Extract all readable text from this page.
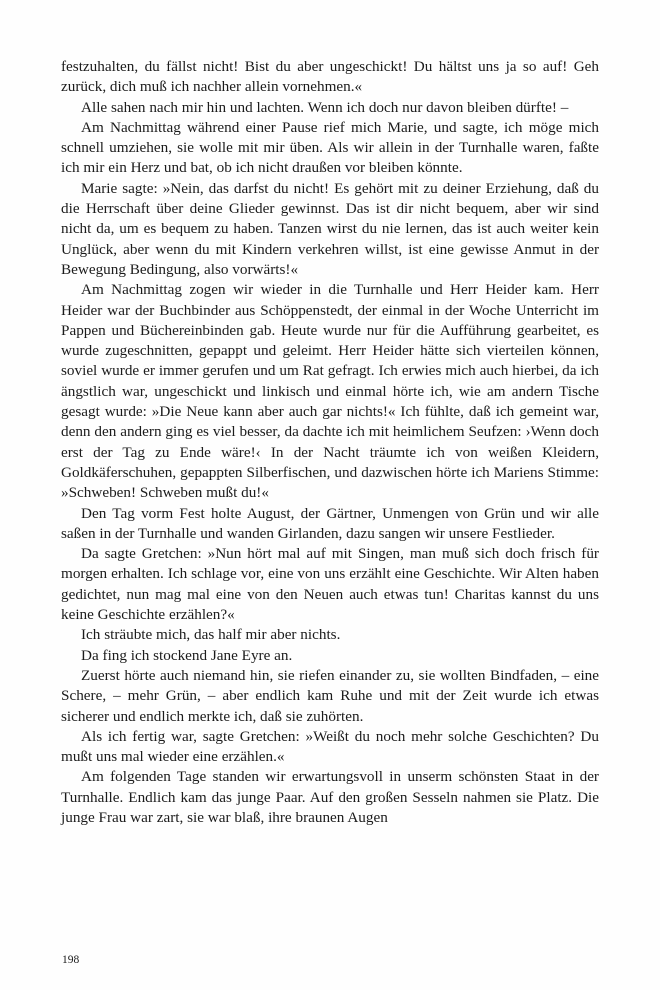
festzuhalten, du fällst nicht! Bist du aber ungeschickt! Du hältst uns ja so auf! Geh zurück, dich muß ich nachher allein vornehmen.«

Alle sahen nach mir hin und lachten. Wenn ich doch nur davon bleiben dürfte! –

Am Nachmittag während einer Pause rief mich Marie, und sagte, ich möge mich schnell umziehen, sie wolle mit mir üben. Als wir allein in der Turnhalle waren, faßte ich mir ein Herz und bat, ob ich nicht draußen vor bleiben könnte.

Marie sagte: »Nein, das darfst du nicht! Es gehört mit zu deiner Erziehung, daß du die Herrschaft über deine Glieder gewinnst. Das ist dir nicht bequem, aber wir sind nicht da, um es bequem zu haben. Tanzen wirst du nie lernen, das ist auch weiter kein Unglück, aber wenn du mit Kindern verkehren willst, ist eine gewisse Anmut in der Bewegung Bedingung, also vorwärts!«

Am Nachmittag zogen wir wieder in die Turnhalle und Herr Heider kam. Herr Heider war der Buchbinder aus Schöppenstedt, der einmal in der Woche Unterricht im Pappen und Büchereinbinden gab. Heute wurde nur für die Aufführung gearbeitet, es wurde zugeschnitten, gepappt und geleimt. Herr Heider hätte sich vierteilen können, soviel wurde er immer gerufen und um Rat gefragt. Ich erwies mich auch hierbei, da ich ängstlich war, ungeschickt und linkisch und einmal hörte ich, wie am andern Tische gesagt wurde: »Die Neue kann aber auch gar nichts!« Ich fühlte, daß ich gemeint war, denn den andern ging es viel besser, da dachte ich mit heimlichem Seufzen: ›Wenn doch erst der Tag zu Ende wäre!‹ In der Nacht träumte ich von weißen Kleidern, Goldkäferschuhen, gepappten Silberfischen, und dazwischen hörte ich Mariens Stimme: »Schweben! Schweben mußt du!«

Den Tag vorm Fest holte August, der Gärtner, Unmengen von Grün und wir alle saßen in der Turnhalle und wanden Girlanden, dazu sangen wir unsere Festlieder.

Da sagte Gretchen: »Nun hört mal auf mit Singen, man muß sich doch frisch für morgen erhalten. Ich schlage vor, eine von uns erzählt eine Geschichte. Wir Alten haben gedichtet, nun mag mal eine von den Neuen auch etwas tun! Charitas kannst du uns keine Geschichte erzählen?«

Ich sträubte mich, das half mir aber nichts.

Da fing ich stockend Jane Eyre an.

Zuerst hörte auch niemand hin, sie riefen einander zu, sie wollten Bindfaden, – eine Schere, – mehr Grün, – aber endlich kam Ruhe und mit der Zeit wurde ich etwas sicherer und endlich merkte ich, daß sie zuhörten.

Als ich fertig war, sagte Gretchen: »Weißt du noch mehr solche Geschichten? Du mußt uns mal wieder eine erzählen.«

Am folgenden Tage standen wir erwartungsvoll in unserm schönsten Staat in der Turnhalle. Endlich kam das junge Paar. Auf den großen Sesseln nahmen sie Platz. Die junge Frau war zart, sie war blaß, ihre braunen Augen

198
